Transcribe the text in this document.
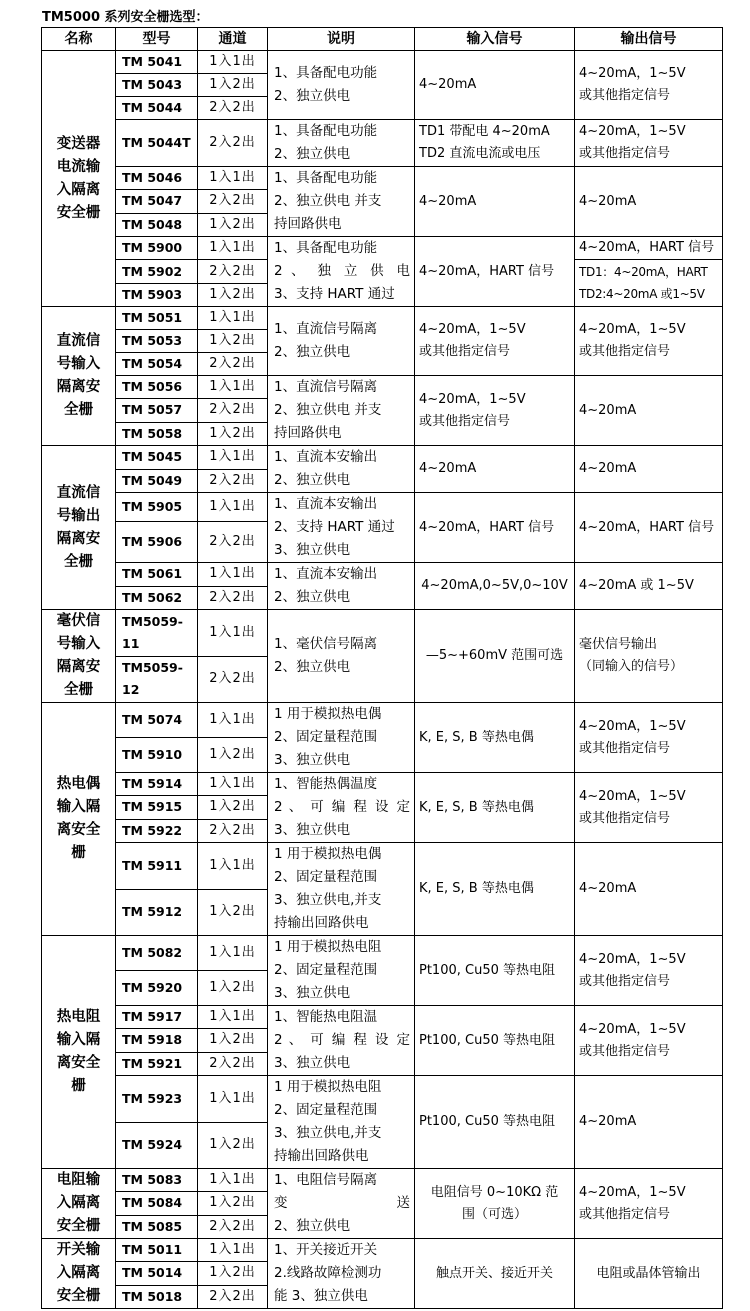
TM5000 系列安全栅选型：
名称	型号	通道	说明	输入信号	输出信号

变送器
电流输
入隔离
安全栅	TM 5041	1入1出	1、具备配电功能
2、独立供电	4~20mA	4~20mA，1~5V
或其他指定信号

	TM 5043	1入2出			
	TM 5044	2入2出			
	TM 5044T	2入2出	1、具备配电功能
2、独立供电	TD1 带配电 4~20mA
TD2 直流电流或电压	4~20mA，1~5V
或其他指定信号

	TM 5046	1入1出	1、具备配电功能
2、独立供电 并支
持回路供电	4~20mA	4~20mA

	TM 5047	2入2出			
	TM 5048	1入2出			
	TM 5900	1入1出	1、具备配电功能
2 、 独 立 供 电
3、支持 HART 通过	4~20mA，HART 信号	4~20mA，HART 信号

	TM 5902	2入2出			TD1：4~20mA，HART
TD2:4~20mA 或1~5V

	TM 5903	1入2出			

直流信
号输入
隔离安
全栅	TM 5051	1入1出	1、直流信号隔离
2、独立供电	4~20mA，1~5V
或其他指定信号	4~20mA，1~5V
或其他指定信号

	TM 5053	1入2出			
	TM 5054	2入2出			
	TM 5056	1入1出	1、直流信号隔离
2、独立供电 并支
持回路供电	4~20mA，1~5V
或其他指定信号	4~20mA

	TM 5057	2入2出			
	TM 5058	1入2出			

直流信
号输出
隔离安
全栅	TM 5045	1入1出	1、直流本安输出
2、独立供电	4~20mA	4~20mA

	TM 5049	2入2出			
	TM 5905	1入1出	1、直流本安输出
2、支持 HART 通过
3、独立供电	4~20mA，HART 信号	4~20mA，HART 信号

	TM 5906	2入2出			
	TM 5061	1入1出	1、直流本安输出
2、独立供电	4~20mA,0~5V,0~10V	4~20mA 或 1~5V

	TM 5062	2入2出			

毫伏信
号输入
隔离安
全栅	TM5059-11	1入1出	1、毫伏信号隔离
2、独立供电	—5~+60mV 范围可选	毫伏信号输出
（同输入的信号）

	TM5059-12	2入2出			

热电偶
输入隔
离安全
栅	TM 5074	1入1出	1 用于模拟热电偶
2、固定量程范围
3、独立供电	K, E, S, B 等热电偶	4~20mA，1~5V
或其他指定信号

	TM 5910	1入2出			
	TM 5914	1入1出	1、智能热偶温度
2 、 可 编 程 设 定
3、独立供电	K, E, S, B 等热电偶	4~20mA，1~5V
或其他指定信号

	TM 5915	1入2出			
	TM 5922	2入2出			
	TM 5911	1入1出	1 用于模拟热电偶
2、固定量程范围
3、独立供电,并支
持输出回路供电	K, E, S, B 等热电偶	4~20mA

	TM 5912	1入2出			

热电阻
输入隔
离安全
栅	TM 5082	1入1出	1 用于模拟热电阻
2、固定量程范围
3、独立供电	Pt100, Cu50 等热电阻	4~20mA，1~5V
或其他指定信号

	TM 5920	1入2出			
	TM 5917	1入1出	1、智能热电阻温
2 、 可 编 程 设 定
3、独立供电	Pt100, Cu50 等热电阻	4~20mA，1~5V
或其他指定信号

	TM 5918	1入2出			
	TM 5921	2入2出			
	TM 5923	1入1出	1 用于模拟热电阻
2、固定量程范围
3、独立供电,并支
持输出回路供电	Pt100, Cu50 等热电阻	4~20mA

	TM 5924	1入2出			

电阻输
入隔离
安全栅	TM 5083	1入1出	1、电阻信号隔离
变 送
2、独立供电	电阻信号 0~10KΩ 范
围（可选）	4~20mA，1~5V
或其他指定信号

	TM 5084	1入2出			
	TM 5085	2入2出			

开关输
入隔离
安全栅	TM 5011	1入1出	1、开关接近开关
2.线路故障检测功
能 3、独立供电	触点开关、接近开关	电阻或晶体管输出

	TM 5014	1入2出			
	TM 5018	2入2出			
